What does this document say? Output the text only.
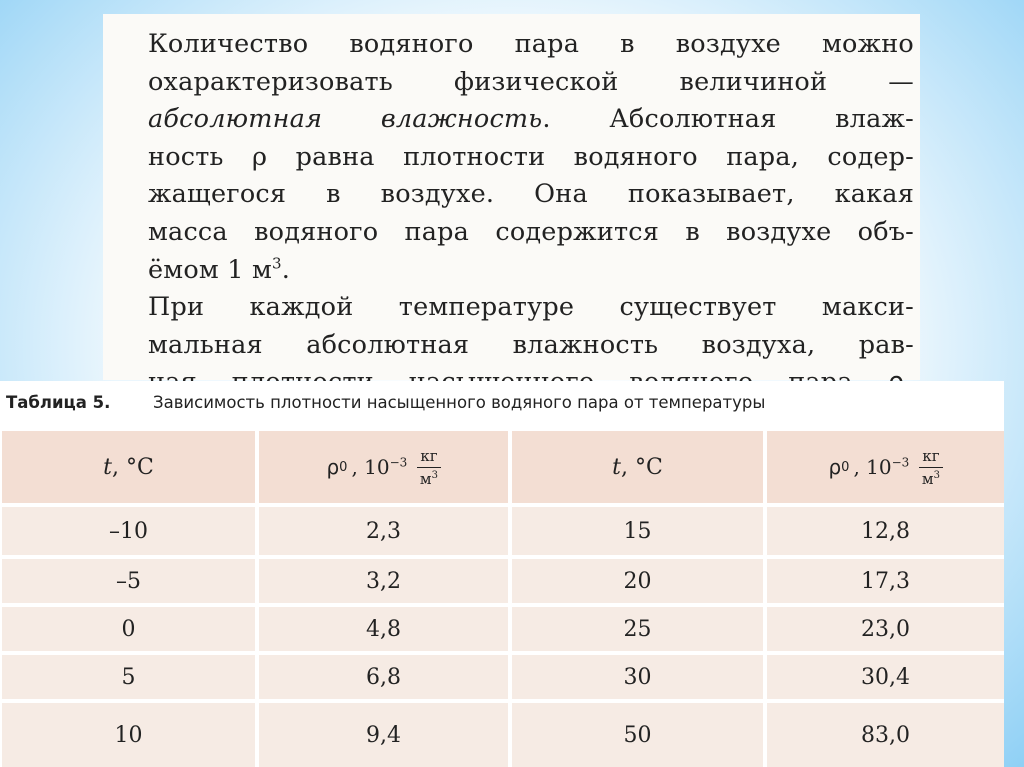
Количество водяного пара в воздухе можно
охарактеризовать физической величиной —
абсолютная влажность. Абсолютная влаж-
ность ρ равна плотности водяного пара, содер-
жащегося в воздухе. Она показывает, какая
масса водяного пара содержится в воздухе объ-
ёмом 1 $м^3$.
При каждой температуре существует макси-
мальная абсолютная влажность воздуха, рав-
Таблица 5.	Зависимость плотности насыщенного водяного пара от температуры
t, °C
–10
–5
0
5
10
ρ 0 , $10^{-3} \frac{кг}{м^3}$
2,3
3,2
4,8
6,8
9,4
t, °C
15
20
25
30
50
ρ 0 , $10^{-3} \frac{кг}{м^3}$
12,8
17,3
23,0
30,4
83,0
